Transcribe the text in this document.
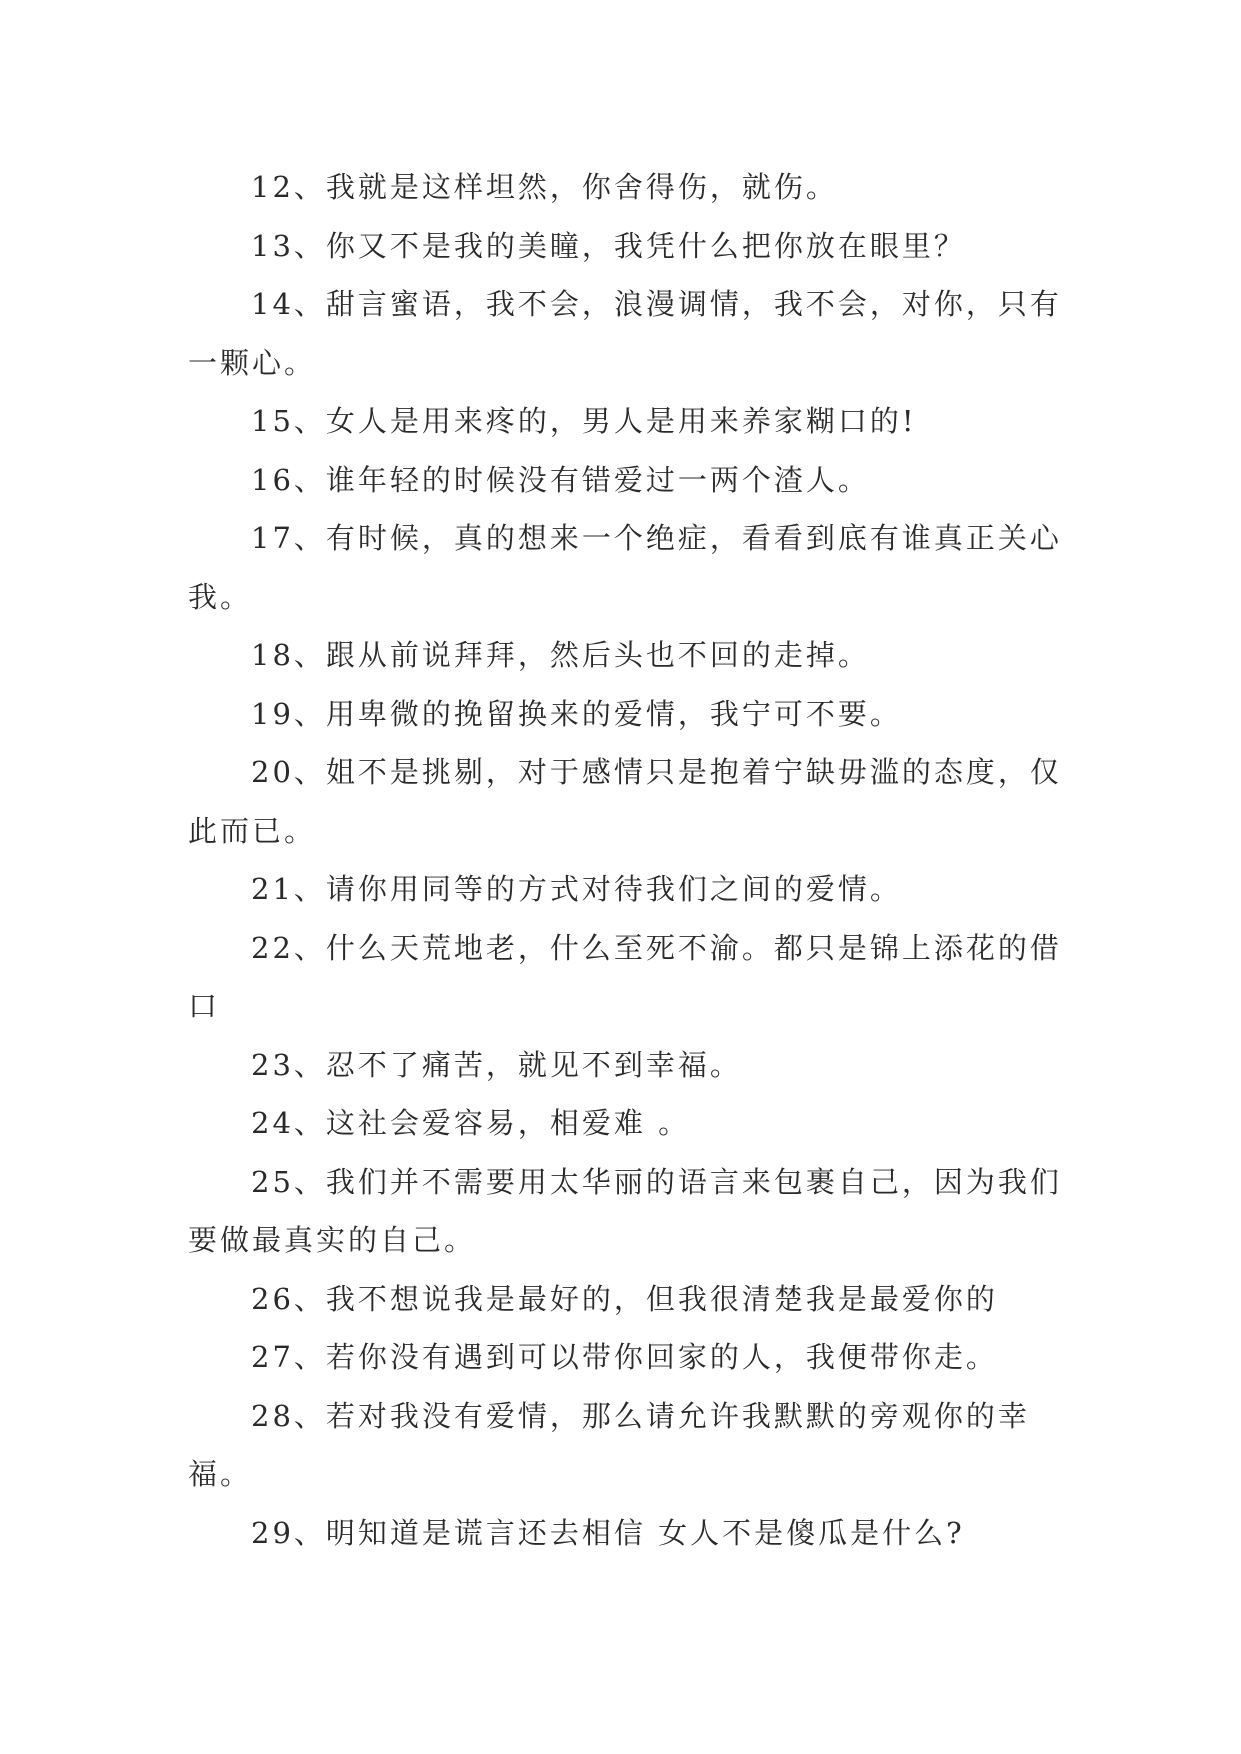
12、我就是这样坦然，你舍得伤，就伤。

13、你又不是我的美瞳，我凭什么把你放在眼里？

14、甜言蜜语，我不会，浪漫调情，我不会，对你，只有一颗心。

15、女人是用来疼的，男人是用来养家糊口的!

16、谁年轻的时候没有错爱过一两个渣人。

17、有时候，真的想来一个绝症，看看到底有谁真正关心我。

18、跟从前说拜拜，然后头也不回的走掉。

19、用卑微的挽留换来的爱情，我宁可不要。

20、姐不是挑剔，对于感情只是抱着宁缺毋滥的态度，仅此而已。

21、请你用同等的方式对待我们之间的爱情。

22、什么天荒地老，什么至死不渝。都只是锦上添花的借口

23、忍不了痛苦，就见不到幸福。

24、这社会爱容易，相爱难 。

25、我们并不需要用太华丽的语言来包裹自己，因为我们要做最真实的自己。

26、我不想说我是最好的，但我很清楚我是最爱你的

27、若你没有遇到可以带你回家的人，我便带你走。

28、若对我没有爱情，那么请允许我默默的旁观你的幸福。

29、明知道是谎言还去相信 女人不是傻瓜是什么?
